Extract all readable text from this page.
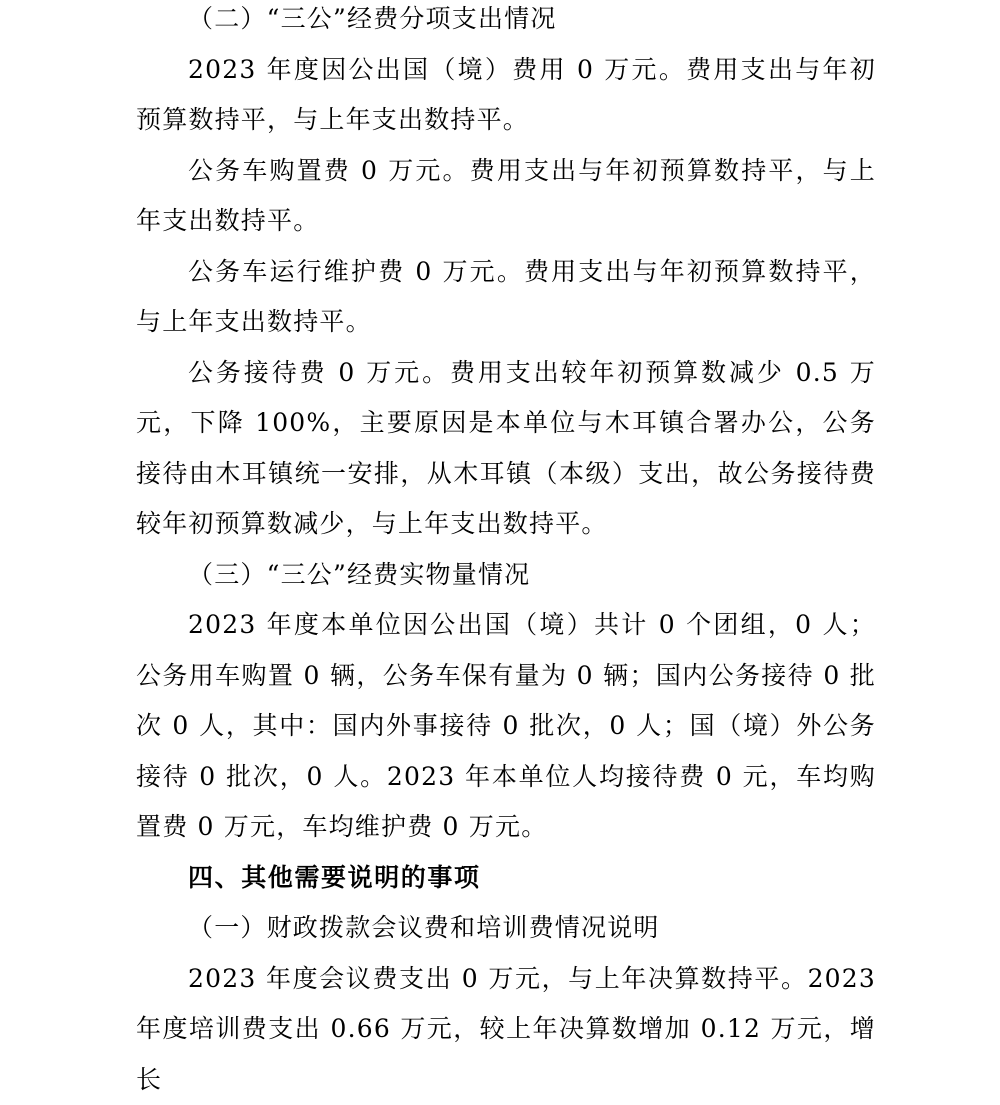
（二）“三公”经费分项支出情况

2023 年度因公出国（境）费用 0 万元。费用支出与年初预算数持平，与上年支出数持平。

公务车购置费 0 万元。费用支出与年初预算数持平，与上年支出数持平。

公务车运行维护费 0 万元。费用支出与年初预算数持平，与上年支出数持平。

公务接待费 0 万元。费用支出较年初预算数减少 0.5 万元，下降 100%，主要原因是本单位与木耳镇合署办公，公务接待由木耳镇统一安排，从木耳镇（本级）支出，故公务接待费较年初预算数减少，与上年支出数持平。

（三）“三公”经费实物量情况

2023 年度本单位因公出国（境）共计 0 个团组，0 人；公务用车购置 0 辆，公务车保有量为 0 辆；国内公务接待 0 批次 0 人，其中：国内外事接待 0 批次，0 人；国（境）外公务接待 0 批次，0 人。2023 年本单位人均接待费 0 元，车均购置费 0 万元，车均维护费 0 万元。

四、其他需要说明的事项

（一）财政拨款会议费和培训费情况说明

2023 年度会议费支出 0 万元，与上年决算数持平。2023 年度培训费支出 0.66 万元，较上年决算数增加 0.12 万元，增长
